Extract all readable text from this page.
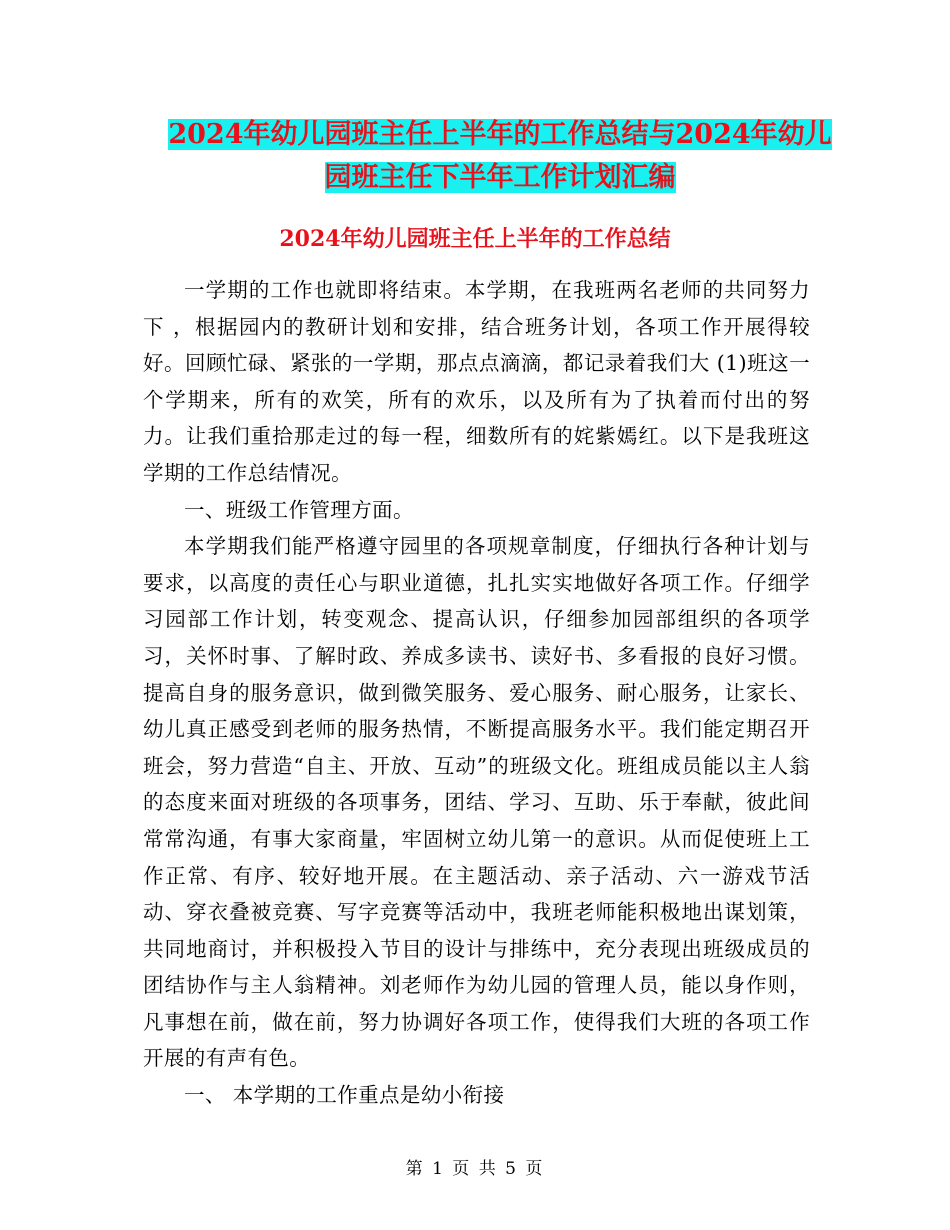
2024年幼儿园班主任上半年的工作总结与2024年幼儿
园班主任下半年工作计划汇编
2024年幼儿园班主任上半年的工作总结

一学期的工作也就即将结束。本学期，在我班两名老师的共同努力下 ，根据园内的教研计划和安排，结合班务计划，各项工作开展得较好。回顾忙碌、紧张的一学期，那点点滴滴，都记录着我们大 (1)班这一个学期来，所有的欢笑，所有的欢乐，以及所有为了执着而付出的努力。让我们重拾那走过的每一程，细数所有的姹紫嫣红。以下是我班这学期的工作总结情况。

一、班级工作管理方面。

本学期我们能严格遵守园里的各项规章制度，仔细执行各种计划与要求，以高度的责任心与职业道德，扎扎实实地做好各项工作。仔细学习园部工作计划，转变观念、提高认识，仔细参加园部组织的各项学习，关怀时事、了解时政、养成多读书、读好书、多看报的良好习惯。提高自身的服务意识，做到微笑服务、爱心服务、耐心服务，让家长、幼儿真正感受到老师的服务热情，不断提高服务水平。我们能定期召开班会，努力营造“自主、开放、互动”的班级文化。班组成员能以主人翁的态度来面对班级的各项事务，团结、学习、互助、乐于奉献，彼此间常常沟通，有事大家商量，牢固树立幼儿第一的意识。从而促使班上工作正常、有序、较好地开展。在主题活动、亲子活动、六一游戏节活动、穿衣叠被竞赛、写字竞赛等活动中，我班老师能积极地出谋划策，共同地商讨，并积极投入节目的设计与排练中，充分表现出班级成员的团结协作与主人翁精神。刘老师作为幼儿园的管理人员，能以身作则，凡事想在前，做在前，努力协调好各项工作，使得我们大班的各项工作开展的有声有色。

一、 本学期的工作重点是幼小衔接

第 1 页 共 5 页
